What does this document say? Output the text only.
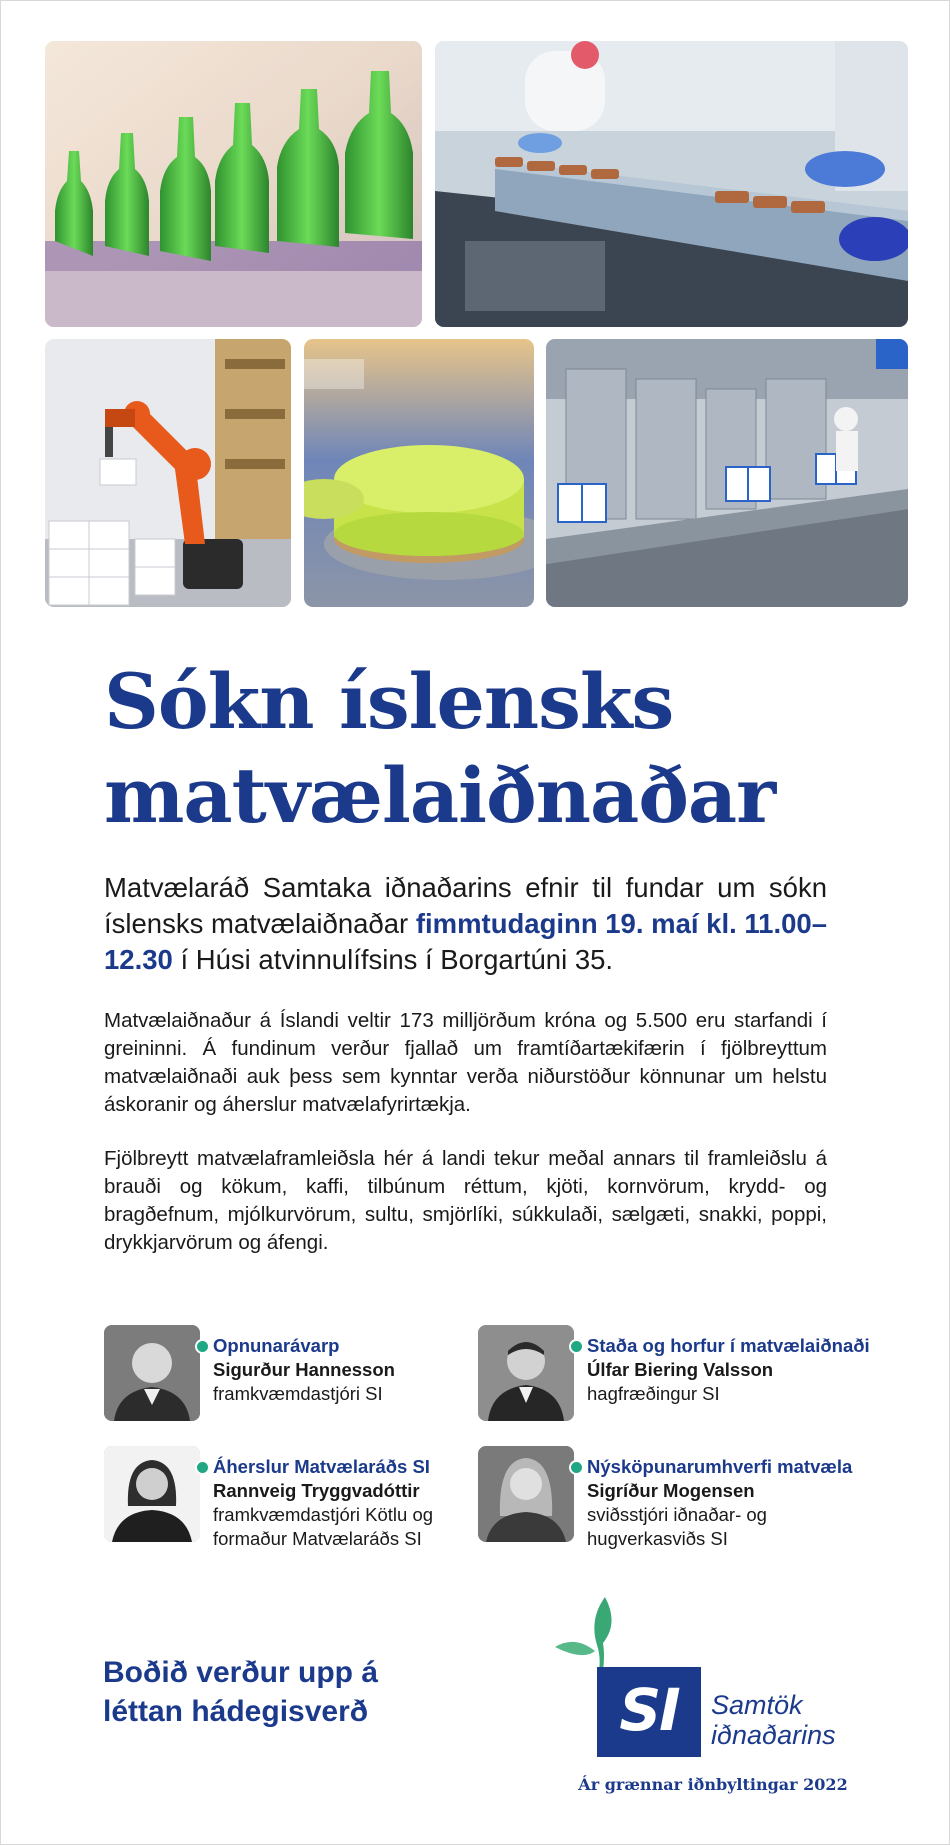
Sókn íslensks
matvælaiðnaðar
Matvælaráð Samtaka iðnaðarins efnir til fundar um sókn íslensks matvælaiðnaðar fimmtudaginn 19. maí kl. 11.00–12.30 í Húsi atvinnulífsins í Borgartúni 35.
Matvælaiðnaður á Íslandi veltir 173 milljörðum króna og 5.500 eru starfandi í greininni. Á fundinum verður fjallað um framtíðartækifærin í fjölbreyttum matvælaiðnaði auk þess sem kynntar verða niðurstöður könnunar um helstu áskoranir og áherslur matvælafyrirtækja.
Fjölbreytt matvælaframleiðsla hér á landi tekur meðal annars til framleiðslu á brauði og kökum, kaffi, tilbúnum réttum, kjöti, kornvörum, krydd- og bragðefnum, mjólkurvörum, sultu, smjörlíki, súkkulaði, sælgæti, snakki, poppi, drykkjarvörum og áfengi.
Opnunarávarp
Sigurður Hannesson
framkvæmdastjóri SI
Staða og horfur í matvælaiðnaði
Úlfar Biering Valsson
hagfræðingur SI
Áherslur Matvælaráðs SI
Rannveig Tryggvadóttir
framkvæmdastjóri Kötlu og
formaður Matvælaráðs SI
Nýsköpunarumhverfi matvæla
Sigríður Mogensen
sviðsstjóri iðnaðar- og
hugverkasviðs SI
Boðið verður upp á
léttan hádegisverð	SI	Samtök
iðnaðarins
Ár grænnar iðnbyltingar 2022
